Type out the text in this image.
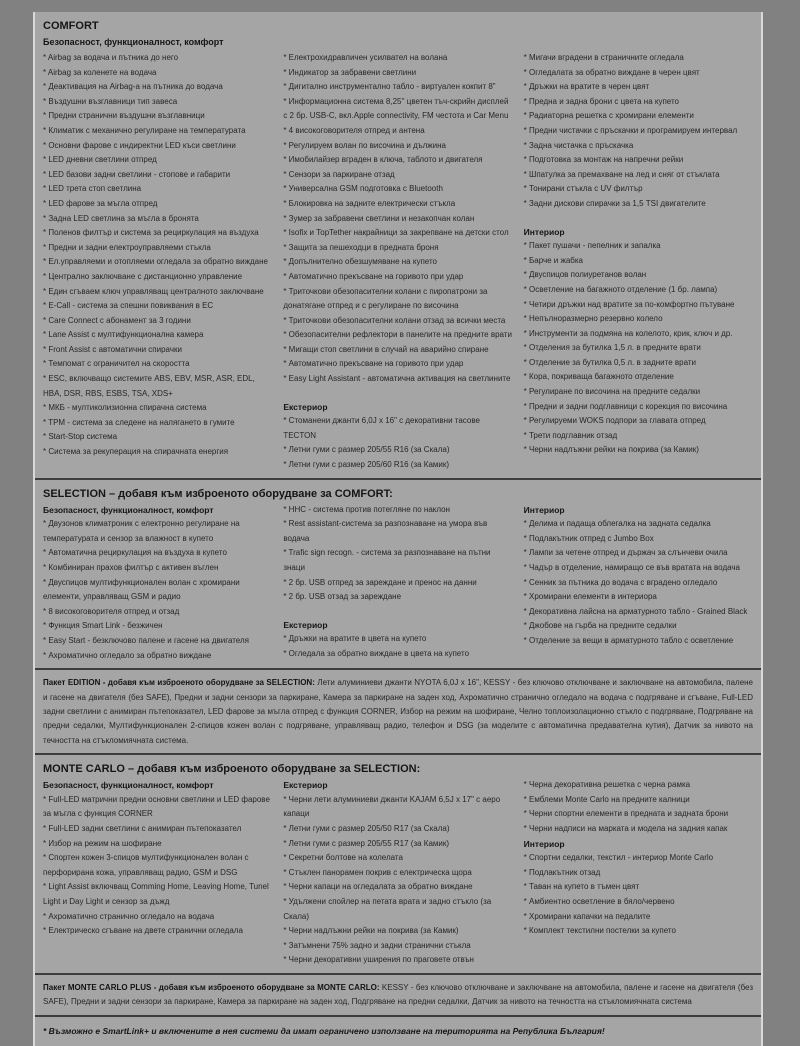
COMFORT
Безопасност, функционалност, комфорт
* Airbag за водача и пътника до него
* Airbag за коленете на водача
* Деактивация на Airbag-а на пътника до водача
* Въздушни възглавници тип завеса
* Предни странични въздушни възглавници
* Климатик с механично регулиране на температурата
* Основни фарове с индиректни LED къси светлини
* LED дневни светлини отпред
* LED базови задни светлини - стопове и габарити
* LED трета стоп светлина
* LED фарове за мъгла отпред
* Задна LED светлина за мъгла в бронята
* Поленов филтър и система за рециркулация на въздуха
* Предни и задни електроуправляеми стъкла
* Ел.управляеми и отопляеми огледала за обратно виждане
* Централно заключване с дистанционно управление
* Един сгъваем ключ управляващ централното заключване
* E-Call - система за спешни повиквания в ЕС
* Care Connect с абонамент за 3 години
* Lane Assist с мултифункционална камера
* Front Assist с автоматични спирачки
* Темпомат с ограничител на скоростта
* ESC, включващо системите ABS, EBV, MSR, ASR, EDL, HBA, DSR, RBS, ESBS, TSA, XDS+
* МКБ - мултиколизионна спирачна система
* TPM - система за следене на налягането в гумите
* Start-Stop система
* Система за рекуперация на спирачната енергия
* Електрохидравличен усилвател на волана
* Индикатор за забравени светлини
* Дигитално инструментално табло - виртуален кокпит 8"
* Информационна система 8,25'' цветен тъч-скрийн дисплей с 2 бр. USB-C, вкл.Apple connectivity, FM честота и Car Menu
* 4 високоговорителя отпред и антена
* Регулируем волан по височина и дължина
* Имобилайзер вграден в ключа, таблото и двигателя
* Сензори за паркиране отзад
* Универсална GSM подготовка с Bluetooth
* Блокировка на задните електрически стъкла
* Зумер за забравени светлини и незакопчан колан
* Isofix и TopTether накрайници за закрепване на детски стол
* Защита за пешеходци в предната броня
* Допълнително обезшумяване на купето
* Автоматично прекъсване на горивото при удар
* Триточкови обезопасителни колани с пиропатрони за донатягане отпред и с регулиране по височина
* Триточкови обезопасителни колани отзад за всички места
* Обезопасителни рефлектори в панелите на предните врати
* Мигащи стоп светлини в случай на аварийно спиране
* Автоматично прекъсване на горивото при удар
* Easy Light Assistant - автоматична активация на светлините
Екстериор
* Стоманени джанти 6,0J x 16" с декоративни тасове TECTON
* Летни гуми с размер 205/55 R16 (за Скала)
* Летни гуми с размер 205/60 R16 (за Камик)
* Мигачи вградени в страничните огледала
* Огледалата за обратно виждане в черен цвят
* Дръжки на вратите в черен цвят
* Предна и задна брони с цвета на купето
* Радиаторна решетка с хромирани елементи
* Предни чистачки с пръскачки и програмируем интервал
* Задна чистачка с пръскачка
* Подготовка за монтаж на напречни рейки
* Шпатулка за премахване на лед и сняг от стъклата
* Тонирани стъкла с UV филтър
* Задни дискови спирачки за 1,5 TSI двигателите
Интериор
* Пакет пушачи - пепелник и запалка
* Барче и жабка
* Двуспицов полиуретанов волан
* Осветление на багажното отделение (1 бр. лампа)
* Четири дръжки над вратите за по-комфортно пътуване
* Непълноразмерно резервно колело
* Инструменти за подмяна на колелото, крик, ключ и др.
* Отделения за бутилка 1,5 л. в предните врати
* Отделение за бутилка 0,5 л. в задните врати
* Кора, покриваща багажното отделение
* Регулиране по височина на предните седалки
* Предни и задни подглавници с корекция по височина
* Регулируеми WOKS подпори за главата отпред
* Трети подглавник отзад
* Черни надлъжни рейки на покрива (за Камик)
SELECTION – добавя към изброеното оборудване за COMFORT:
Безопасност, функционалност, комфорт
* Двузонов климатроник с електронно регулиране на температурата и сензор за влажност в купето
* Автоматична рециркулация на въздуха в купето
* Комбиниран прахов филтър с активен въглен
* Двуспицов мултифункционален волан с хромирани елементи, управляващ GSM и радио
* 8 високоговорителя отпред и отзад
* Функция Smart Link - безжичен
* Easy Start - безключово палене и гасене на двигателя
* Ахроматично огледало за обратно виждане
* HHC - система против потегляне по наклон
* Rest assistant-система за разпознаване на умора във водача
* Trafic sign recogn. - система за разпознаване на пътни знаци
* 2 бр. USB отпред за зареждане и пренос на данни
* 2 бр. USB отзад за зареждане
Екстериор
* Дръжки на вратите в цвета на купето
* Огледала за обратно виждане в цвета на купето
Интериор
* Делима и падаща облегалка на задната седалка
* Подлакътник отпред с Jumbo Box
* Лампи за четене отпред и държач за слънчеви очила
* Чадър в отделение, намиращо се във вратата на водача
* Сенник за пътника до водача с вградено огледало
* Хромирани елементи в интериора
* Декоративна лайсна на арматурното табло - Grained Black
* Джобове на гърба на предните седалки
* Отделение за вещи в арматурното табло с осветление

Пакет EDITION - добавя към изброеното оборудване за SELECTION: Лети алуминиеви джанти NYOTA 6,0J x 16", KESSY - без ключово отключване и заключване на автомобила, палене и гасене на двигателя (без SAFE), Предни и задни сензори за паркиране, Камера за паркиране на заден ход, Ахроматично странично огледало на водача с подгряване и сгъване, Full-LED задни светлини с анимиран пътепоказател, LED фарове за мъгла отпред с функция CORNER, Избор на режим на шофиране, Челно топлоизолационно стъкло с подгряване, Подгряване на предни седалки, Мултифункционален 2-спицов кожен волан с подгряване, управляващ радио, телефон и DSG (за моделите с автоматична предавателна кутия), Датчик за нивото на течността на стъкломиячната система.

MONTE CARLO – добавя към изброеното оборудване за SELECTION:
Безопасност, функционалност, комфорт
* Full-LED матрични предни основни светлини и LED фарове за мъгла с функция CORNER
* Full-LED задни светлини с анимиран пътепоказател
* Избор на режим на шофиране
* Спортен кожен 3-спицов мултифункционален волан с перфорирана кожа, управляващ радио, GSM и DSG
* Light Assist включващ Comming Home, Leaving Home, Tunel Light и Day Light и сензор за дъжд
* Ахроматично странично огледало на водача
* Електрическо сгъване на двете странични огледала
Екстериор
* Черни лети алуминиеви джанти KAJAM 6,5J x 17" с аеро капаци
* Летни гуми с размер 205/50 R17 (за Скала)
* Летни гуми с размер 205/55 R17 (за Камик)
* Секретни болтове на колелата
* Стъклен панорамен покрив с електрическа щора
* Черни капаци на огледалата за обратно виждане
* Удължени спойлер на петата врата и задно стъкло (за Скала)
* Черни надлъжни рейки на покрива (за Камик)
* Затъмнени 75% задно и задни странични стъкла
* Черни декоративни уширения по праговете отвън
* Черна декоративна решетка с черна рамка
* Емблеми Monte Carlo на предните калници
* Черни спортни елементи в предната и задната брони
* Черни надписи на марката и модела на задния капак
Интериор
* Спортни седалки, текстил - интериор Monte Carlo
* Подлакътник отзад
* Таван на купето в тъмен цвят
* Амбиентно осветление в бяло/червено
* Хромирани капачки на педалите
* Комплект текстилни постелки за купето

Пакет MONTE CARLO PLUS - добавя към изброеното оборудване за MONTE CARLO: KESSY - без ключово отключване и заключване на автомобила, палене и гасене на двигателя (без SAFE), Предни и задни сензори за паркиране, Камера за паркиране на заден ход, Подгряване на предни седалки, Датчик за нивото на течността на стъкломиячната система

* Възможно е SmartLink+ и включените в нея системи да имат ограничено използване на територията на Република България!
